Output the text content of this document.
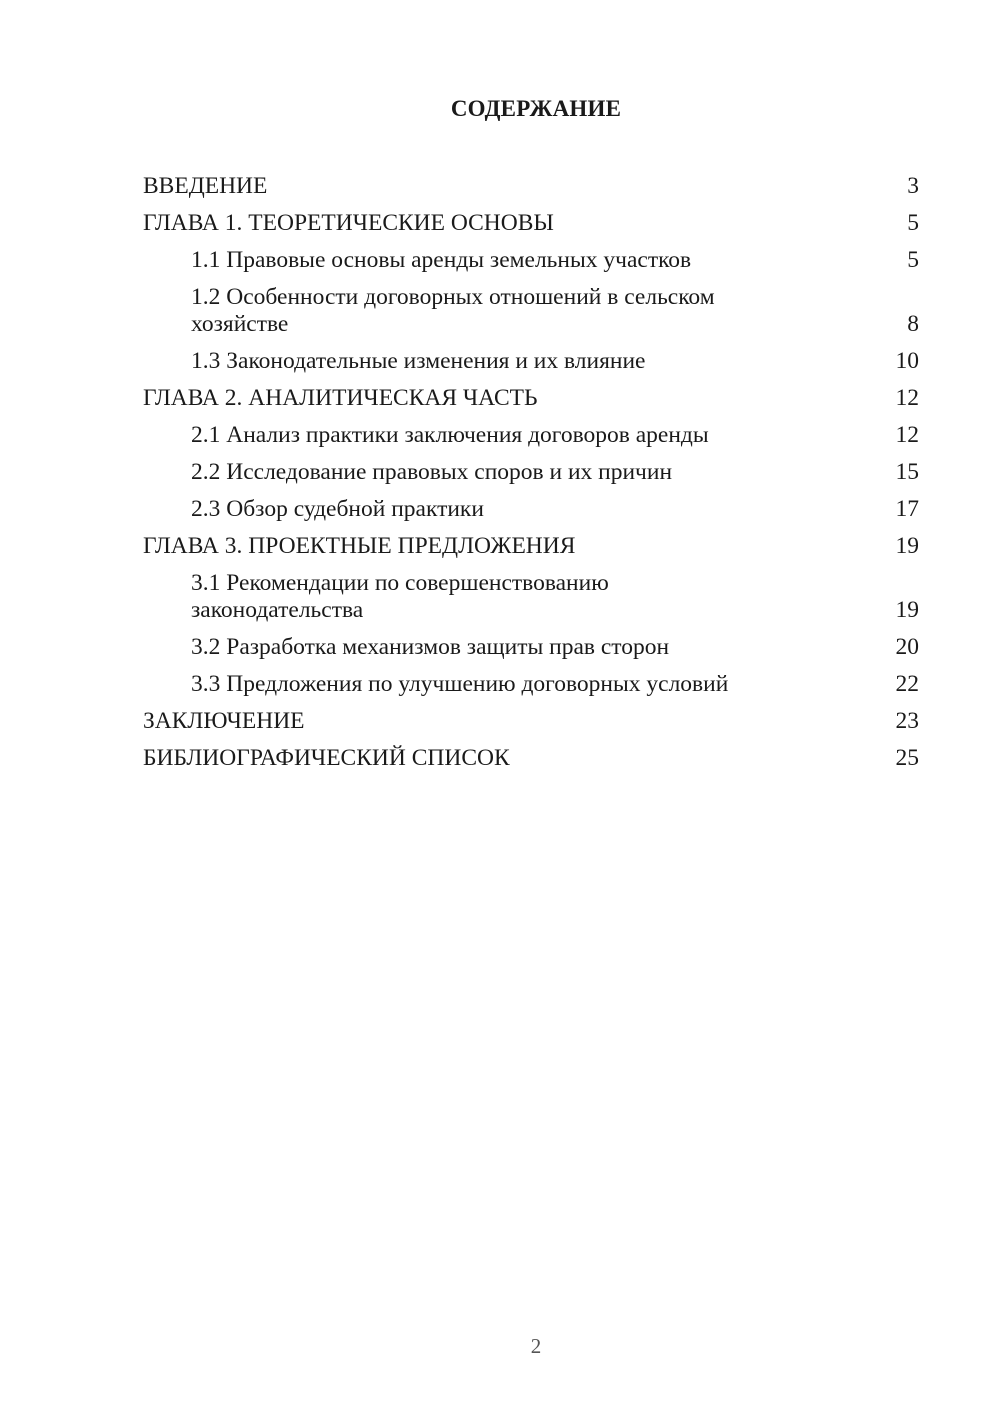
СОДЕРЖАНИЕ
ВВЕДЕНИЕ	3
ГЛАВА 1. ТЕОРЕТИЧЕСКИЕ ОСНОВЫ	5
1.1 Правовые основы аренды земельных участков	5
1.2 Особенности договорных отношений в сельском хозяйстве	8
1.3 Законодательные изменения и их влияние	10
ГЛАВА 2. АНАЛИТИЧЕСКАЯ ЧАСТЬ	12
2.1 Анализ практики заключения договоров аренды	12
2.2 Исследование правовых споров и их причин	15
2.3 Обзор судебной практики	17
ГЛАВА 3. ПРОЕКТНЫЕ ПРЕДЛОЖЕНИЯ	19
3.1 Рекомендации по совершенствованию законодательства	19
3.2 Разработка механизмов защиты прав сторон	20
3.3 Предложения по улучшению договорных условий	22
ЗАКЛЮЧЕНИЕ	23
БИБЛИОГРАФИЧЕСКИЙ СПИСОК	25
2
